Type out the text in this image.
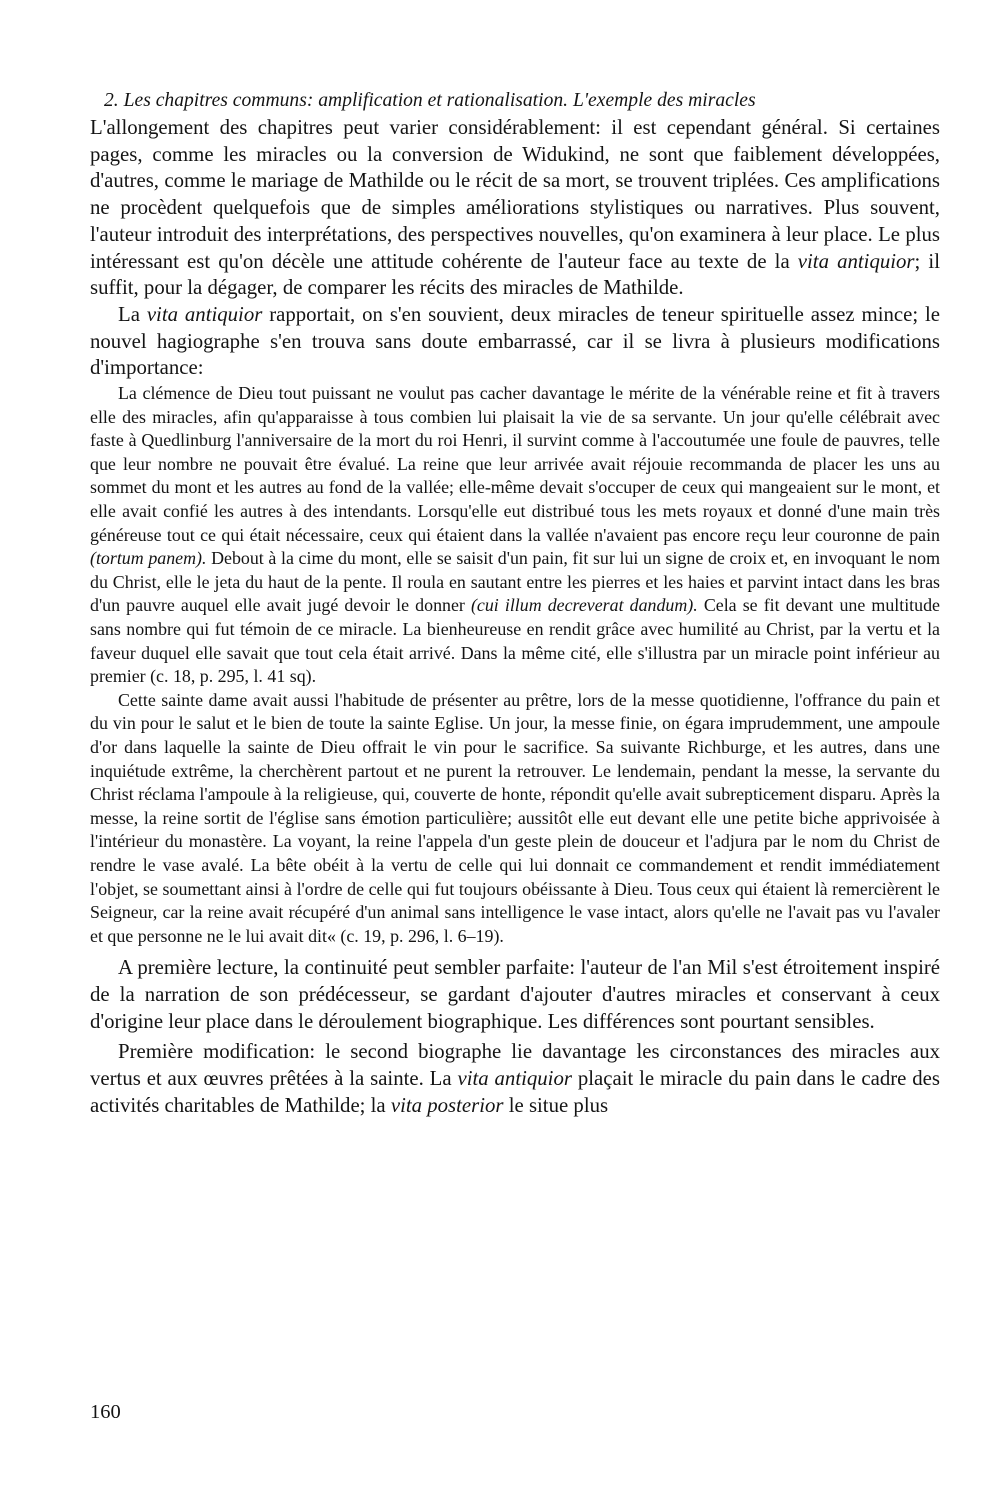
2. Les chapitres communs: amplification et rationalisation. L'exemple des miracles

L'allongement des chapitres peut varier considérablement: il est cependant général. Si certaines pages, comme les miracles ou la conversion de Widukind, ne sont que faiblement développées, d'autres, comme le mariage de Mathilde ou le récit de sa mort, se trouvent triplées. Ces amplifications ne procèdent quelquefois que de simples améliorations stylistiques ou narratives. Plus souvent, l'auteur introduit des interprétations, des perspectives nouvelles, qu'on examinera à leur place. Le plus intéressant est qu'on décèle une attitude cohérente de l'auteur face au texte de la vita antiquior; il suffit, pour la dégager, de comparer les récits des miracles de Mathilde.

La vita antiquior rapportait, on s'en souvient, deux miracles de teneur spirituelle assez mince; le nouvel hagiographe s'en trouva sans doute embarrassé, car il se livra à plusieurs modifications d'importance:

La clémence de Dieu tout puissant ne voulut pas cacher davantage le mérite de la vénérable reine et fit à travers elle des miracles, afin qu'apparaisse à tous combien lui plaisait la vie de sa servante. Un jour qu'elle célébrait avec faste à Quedlinburg l'anniversaire de la mort du roi Henri, il survint comme à l'accoutumée une foule de pauvres, telle que leur nombre ne pouvait être évalué. La reine que leur arrivée avait réjouie recommanda de placer les uns au sommet du mont et les autres au fond de la vallée; elle-même devait s'occuper de ceux qui mangeaient sur le mont, et elle avait confié les autres à des intendants. Lorsqu'elle eut distribué tous les mets royaux et donné d'une main très généreuse tout ce qui était nécessaire, ceux qui étaient dans la vallée n'avaient pas encore reçu leur couronne de pain (tortum panem). Debout à la cime du mont, elle se saisit d'un pain, fit sur lui un signe de croix et, en invoquant le nom du Christ, elle le jeta du haut de la pente. Il roula en sautant entre les pierres et les haies et parvint intact dans les bras d'un pauvre auquel elle avait jugé devoir le donner (cui illum decreverat dandum). Cela se fit devant une multitude sans nombre qui fut témoin de ce miracle. La bienheureuse en rendit grâce avec humilité au Christ, par la vertu et la faveur duquel elle savait que tout cela était arrivé. Dans la même cité, elle s'illustra par un miracle point inférieur au premier (c. 18, p. 295, l. 41 sq).

Cette sainte dame avait aussi l'habitude de présenter au prêtre, lors de la messe quotidienne, l'offrance du pain et du vin pour le salut et le bien de toute la sainte Eglise. Un jour, la messe finie, on égara imprudemment, une ampoule d'or dans laquelle la sainte de Dieu offrait le vin pour le sacrifice. Sa suivante Richburge, et les autres, dans une inquiétude extrême, la cherchèrent partout et ne purent la retrouver. Le lendemain, pendant la messe, la servante du Christ réclama l'ampoule à la religieuse, qui, couverte de honte, répondit qu'elle avait subrepticement disparu. Après la messe, la reine sortit de l'église sans émotion particulière; aussitôt elle eut devant elle une petite biche apprivoisée à l'intérieur du monastère. La voyant, la reine l'appela d'un geste plein de douceur et l'adjura par le nom du Christ de rendre le vase avalé. La bête obéit à la vertu de celle qui lui donnait ce commandement et rendit immédiatement l'objet, se soumettant ainsi à l'ordre de celle qui fut toujours obéissante à Dieu. Tous ceux qui étaient là remercièrent le Seigneur, car la reine avait récupéré d'un animal sans intelligence le vase intact, alors qu'elle ne l'avait pas vu l'avaler et que personne ne le lui avait dit« (c. 19, p. 296, l. 6–19).

A première lecture, la continuité peut sembler parfaite: l'auteur de l'an Mil s'est étroitement inspiré de la narration de son prédécesseur, se gardant d'ajouter d'autres miracles et conservant à ceux d'origine leur place dans le déroulement biographique. Les différences sont pourtant sensibles.

Première modification: le second biographe lie davantage les circonstances des miracles aux vertus et aux œuvres prêtées à la sainte. La vita antiquior plaçait le miracle du pain dans le cadre des activités charitables de Mathilde; la vita posterior le situe plus

160
